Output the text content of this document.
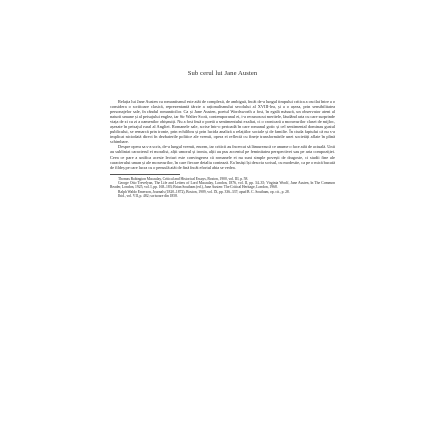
Sub cerul lui Jane Austen

Relația lui Jane Austen cu romantismul este atât de complexă, de ambiguă, încât de-a lungul timpului critica a oscilat între a o considera o scriitoare clasică, reprezentantă târzie a raționalismului secolului al XVIII-lea, și a o așeza, prin sensibilitatea personajelor sale, în rândul romanticilor. Ca și Jane Austen, poetul Wordsworth a fost, în egală măsură, un observator atent al naturii umane și al peisajului englez, iar Sir Walter Scott, contemporanul ei, i-a recunoscut meritele, lăudând arta cu care surprinde viața de zi cu zi a oamenilor obișnuiți. Nu a fost însă o poetă a sentimentului exaltat, ci o cronicară a moravurilor clasei de mijloc, așezate în peisajul rural al Angliei. Romanele sale, scrise într-o perioadă în care romanul gotic și cel sentimental dominau gustul publicului, se remarcă prin ironie, prin echilibru și prin lucida analiză a relațiilor sociale și de familie. În ciuda faptului că nu s-a implicat niciodată direct în dezbaterile politice ale vremii, opera ei reflectă cu finețe transformările unei societăți aflate în plină schimbare.

Despre opera sa s-a scris, de-a lungul vremii, enorm, iar criticii au încercat să lămurească ce anume o face atât de actuală. Unii au subliniat caracterul ei moralist, alții umorul și ironia, alții au pus accentul pe feminitatea perspectivei sau pe arta compoziției. Ceea ce pare a unifica aceste lecturi este convingerea că romanele ei nu sunt simple povești de dragoste, ci studii fine ale caracterului uman și ale moravurilor, în care fiecare detaliu contează. Ea însăși își descria scrisul, cu modestie, ca pe o mică bucată de fildeș pe care lucra cu o pensulă atât de fină încât efortul abia se vedea.

Thomas Babington Macaulay, Critical and Historical Essays, Boston, 1900, vol. III, p. 58.

George Otto Trevelyan, The Life and Letters of Lord Macaulay, London, 1876, vol. II, pp. 34–35; Virginia Woolf, Jane Austen, în The Common Reader, London, 1925, vol. I, pp. 168–183; Brian Southam (ed.), Jane Austen: The Critical Heritage, London, 1968.

Ralph Waldo Emerson, Journals (1820–1872), Boston, 1909, vol. IX, pp. 336–337; apud B. C. Southam, op. cit., p. 28.

Ibid., vol. VII, p. 482; scrisoare din 1858.
